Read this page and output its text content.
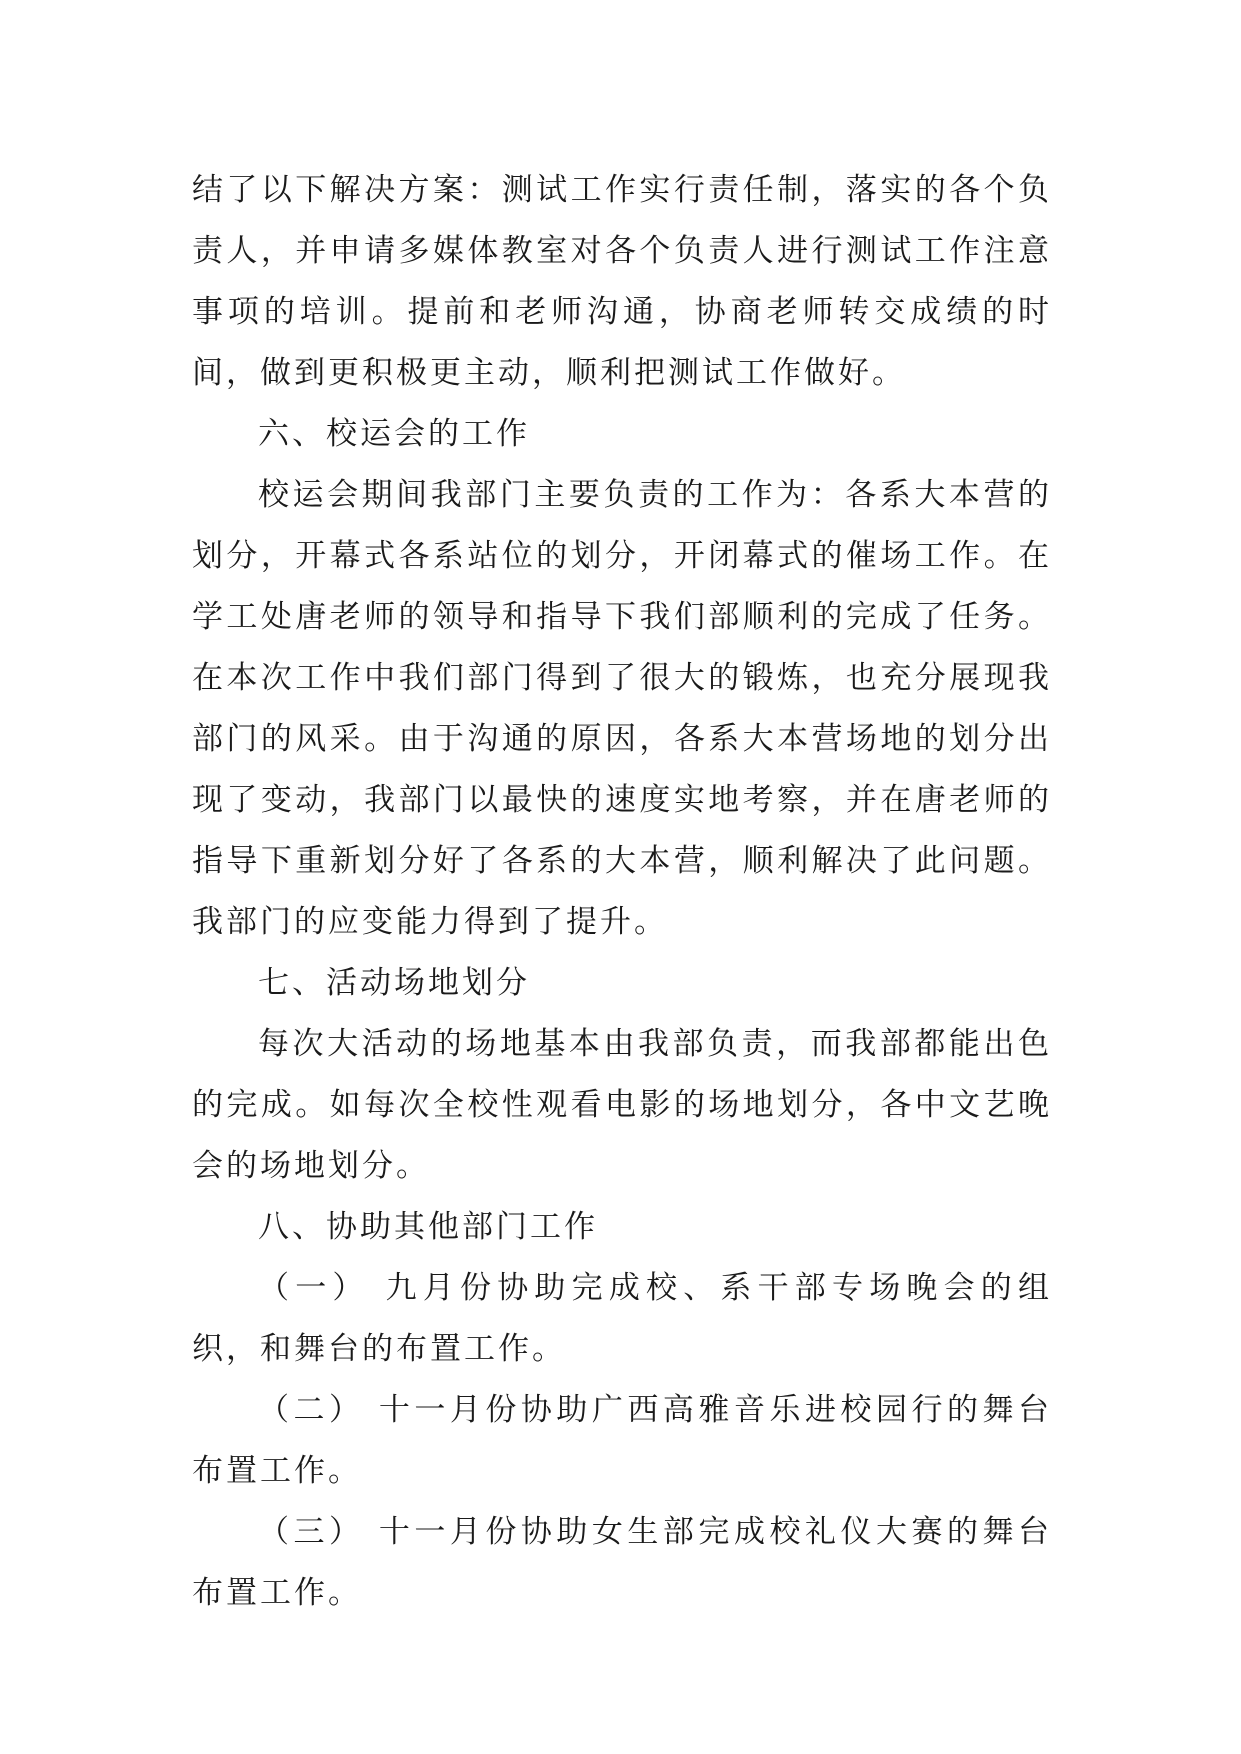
结了以下解决方案：测试工作实行责任制，落实的各个负责人，并申请多媒体教室对各个负责人进行测试工作注意事项的培训。提前和老师沟通，协商老师转交成绩的时间，做到更积极更主动，顺利把测试工作做好。

六、校运会的工作

校运会期间我部门主要负责的工作为：各系大本营的划分，开幕式各系站位的划分，开闭幕式的催场工作。在学工处唐老师的领导和指导下我们部顺利的完成了任务。在本次工作中我们部门得到了很大的锻炼，也充分展现我部门的风采。由于沟通的原因，各系大本营场地的划分出现了变动，我部门以最快的速度实地考察，并在唐老师的指导下重新划分好了各系的大本营，顺利解决了此问题。我部门的应变能力得到了提升。

七、活动场地划分

每次大活动的场地基本由我部负责，而我部都能出色的完成。如每次全校性观看电影的场地划分，各中文艺晚会的场地划分。

八、协助其他部门工作

（一） 九月份协助完成校、系干部专场晚会的组织，和舞台的布置工作。

（二） 十一月份协助广西高雅音乐进校园行的舞台布置工作。

（三） 十一月份协助女生部完成校礼仪大赛的舞台布置工作。
